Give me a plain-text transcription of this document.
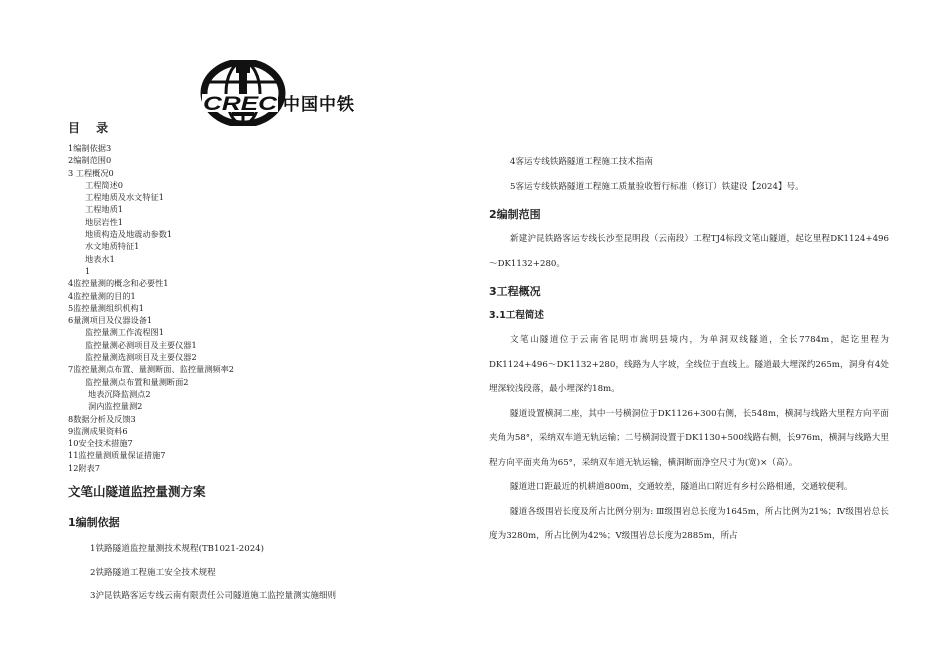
CREC 中国中铁
目 录
1编制依据3
2编制范围0
3 工程概况0
工程简述0
工程地质及水文特征1
工程地质1
地层岩性1
地质构造及地震动参数1
水文地质特征1
地表水1
1
4监控量测的概念和必要性1
4监控量测的目的1
5监控量测组织机构1
6量测项目及仪器设备1
监控量测工作流程图1
监控量测必测项目及主要仪器1
监控量测选测项目及主要仪器2
7监控量测点布置、量测断面、监控量测频率2
监控量测点布置和量测断面2
地表沉降监测点2
洞内监控量测2
8数据分析及反馈3
9监测成果资料6
10安全技术措施7
11监控量测质量保证措施7
12附表7
文笔山隧道监控量测方案
1编制依据
1铁路隧道监控量测技术规程(TB1021-2024)
2铁路隧道工程施工安全技术规程
3沪昆铁路客运专线云南有限责任公司隧道施工监控量测实施细则

4客运专线铁路隧道工程施工技术指南

5客运专线铁路隧道工程施工质量验收暂行标准（修订）铁建设【2024】号。

2编制范围

新建沪昆铁路客运专线长沙至昆明段（云南段）工程TJ4标段文笔山隧道，起讫里程DK1124+496～DK1132+280。

3工程概况
3.1工程简述

文笔山隧道位于云南省昆明市嵩明县境内，为单洞双线隧道，全长7784m，起讫里程为DK1124+496～DK1132+280，线路为人字坡，全线位于直线上。隧道最大埋深约265m，洞身有4处埋深较浅段落，最小埋深约18m。

隧道设置横洞二座，其中一号横洞位于DK1126+300右侧，长548m，横洞与线路大里程方向平面夹角为58°，采纳双车道无轨运输；二号横洞设置于DK1130+500线路右侧，长976m，横洞与线路大里程方向平面夹角为65°，采纳双车道无轨运输，横洞断面净空尺寸为(宽)×（高）。

隧道进口距最近的机耕道800m，交通较差，隧道出口附近有乡村公路相通，交通较便利。

隧道各级围岩长度及所占比例分别为: Ⅲ级围岩总长度为1645m，所占比例为21%；Ⅳ级围岩总长度为3280m，所占比例为42%；Ⅴ级围岩总长度为2885m，所占
